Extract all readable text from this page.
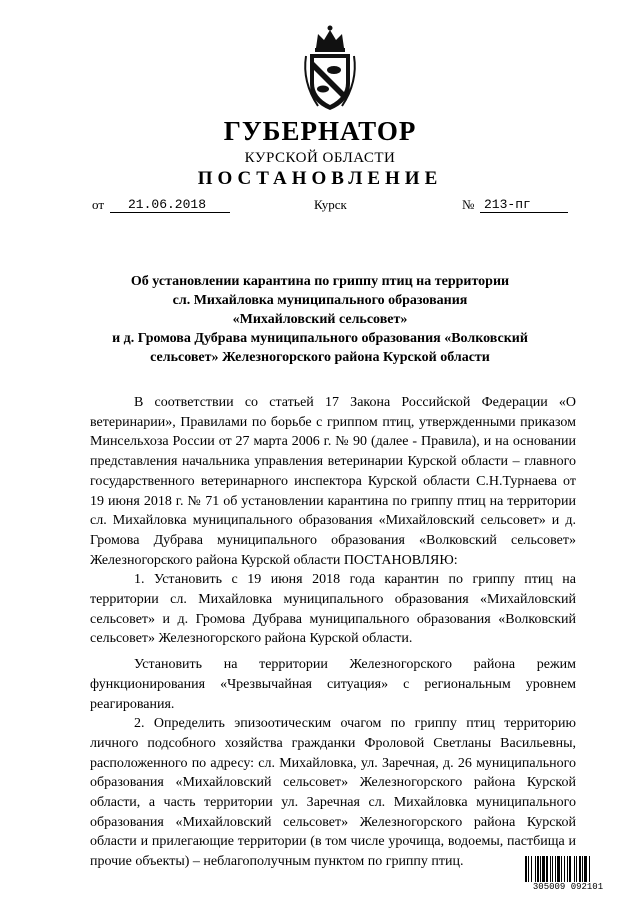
ГУБЕРНАТОР
КУРСКОЙ ОБЛАСТИ
ПОСТАНОВЛЕНИЕ
от	21.06.2018	Курск	№ 213-пг
Об установлении карантина по гриппу птиц на территории
сл. Михайловка муниципального образования
«Михайловский сельсовет»
и д. Громова Дубрава муниципального образования «Волковский
сельсовет» Железногорского района Курской области

В соответствии со статьей 17 Закона Российской Федерации «О ветеринарии», Правилами по борьбе с гриппом птиц, утвержденными приказом Минсельхоза России от 27 марта 2006 г. № 90 (далее - Правила), и на основании представления начальника управления ветеринарии Курской области – главного государственного ветеринарного инспектора Курской области С.Н.Турнаева от 19 июня 2018 г. № 71 об установлении карантина по гриппу птиц на территории сл. Михайловка муниципального образования «Михайловский сельсовет» и д. Громова Дубрава муниципального образования «Волковский сельсовет» Железногорского района Курской области ПОСТАНОВЛЯЮ:

1. Установить с 19 июня 2018 года карантин по гриппу птиц на территории сл. Михайловка муниципального образования «Михайловский сельсовет» и д. Громова Дубрава муниципального образования «Волковский сельсовет» Железногорского района Курской области.

Установить на территории Железногорского района режим функционирования «Чрезвычайная ситуация» с региональным уровнем реагирования.

2. Определить эпизоотическим очагом по гриппу птиц территорию личного подсобного хозяйства гражданки Фроловой Светланы Васильевны, расположенного по адресу: сл. Михайловка, ул. Заречная, д. 26 муниципального образования «Михайловский сельсовет» Железногорского района Курской области, а часть территории ул. Заречная сл. Михайловка муниципального образования «Михайловский сельсовет» Железногорского района Курской области и прилегающие территории (в том числе урочища, водоемы, пастбища и прочие объекты) – неблагополучным пунктом по гриппу птиц.

305009 092101
